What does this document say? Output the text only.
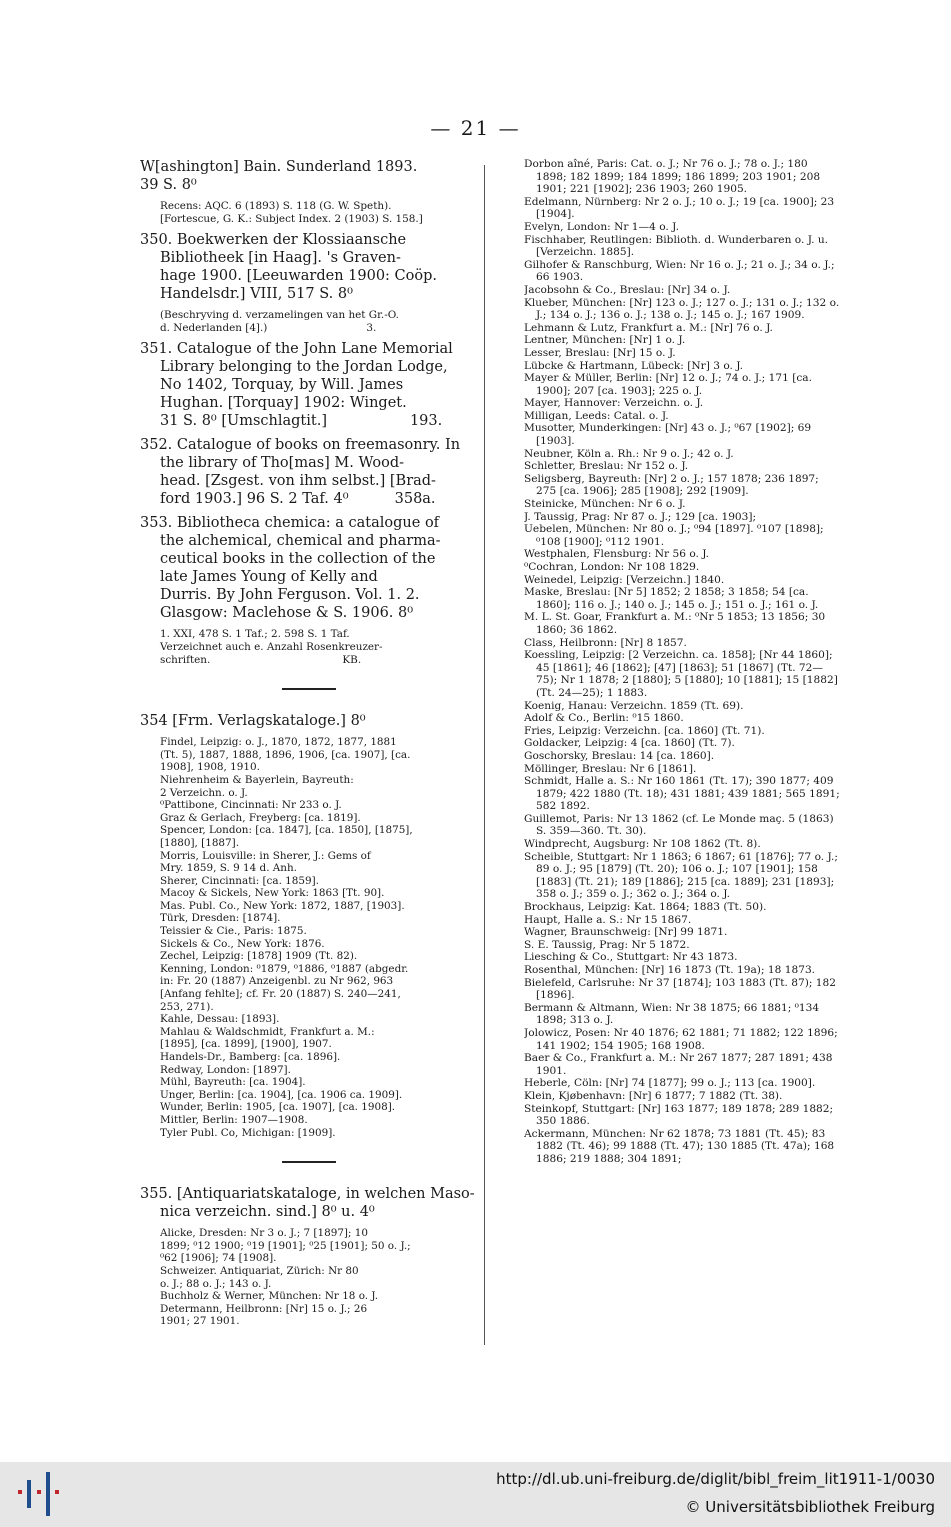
— 21 —
W[ashington] Bain. Sunderland 1893.
39 S. 8⁰
Recens: AQC. 6 (1893) S. 118 (G. W. Speth).
[Fortescue, G. K.: Subject Index. 2 (1903) S. 158.]
350. Boekwerken der Klossiaansche
Bibliotheek [in Haag]. 's Graven-
hage 1900. [Leeuwarden 1900: Coöp.
Handelsdr.] VIII, 517 S. 8⁰
(Beschryving d. verzamelingen van het Gr.-O.
d. Nederlanden [4].)                              3.
351. Catalogue of the John Lane Memorial
Library belonging to the Jordan Lodge,
No 1402, Torquay, by Will. James
Hughan. [Torquay] 1902: Winget.
31 S. 8⁰ [Umschlagtit.]                  193.
352. Catalogue of books on freemasonry. In
the library of Tho[mas] M. Wood-
head. [Zsgest. von ihm selbst.] [Brad-
ford 1903.] 96 S. 2 Taf. 4⁰          358a.
353. Bibliotheca chemica: a catalogue of
the alchemical, chemical and pharma-
ceutical books in the collection of the
late James Young of Kelly and
Durris. By John Ferguson. Vol. 1. 2.
Glasgow: Maclehose & S. 1906. 8⁰
1. XXI, 478 S. 1 Taf.; 2. 598 S. 1 Taf.
Verzeichnet auch e. Anzahl Rosenkreuzer-
schriften.                                        KB.
354 [Frm. Verlagskataloge.] 8⁰
Findel, Leipzig: o. J., 1870, 1872, 1877, 1881
(Tt. 5), 1887, 1888, 1896, 1906, [ca. 1907], [ca.
1908], 1908, 1910.
Niehrenheim & Bayerlein, Bayreuth:
2 Verzeichn. o. J.
⁰Pattibone, Cincinnati: Nr 233 o. J.
Graz & Gerlach, Freyberg: [ca. 1819].
Spencer, London: [ca. 1847], [ca. 1850], [1875],
[1880], [1887].
Morris, Louisville: in Sherer, J.: Gems of
Mry. 1859, S. 9 14 d. Anh.
Sherer, Cincinnati: [ca. 1859].
Macoy & Sickels, New York: 1863 [Tt. 90].
Mas. Publ. Co., New York: 1872, 1887, [1903].
Türk, Dresden: [1874].
Teissier & Cie., Paris: 1875.
Sickels & Co., New York: 1876.
Zechel, Leipzig: [1878] 1909 (Tt. 82).
Kenning, London: ⁰1879, ⁰1886, ⁰1887 (abgedr.
in: Fr. 20 (1887) Anzeigenbl. zu Nr 962, 963
[Anfang fehlte]; cf. Fr. 20 (1887) S. 240—241,
253, 271).
Kahle, Dessau: [1893].
Mahlau & Waldschmidt, Frankfurt a. M.:
[1895], [ca. 1899], [1900], 1907.
Handels-Dr., Bamberg: [ca. 1896].
Redway, London: [1897].
Mühl, Bayreuth: [ca. 1904].
Unger, Berlin: [ca. 1904], [ca. 1906 ca. 1909].
Wunder, Berlin: 1905, [ca. 1907], [ca. 1908].
Mittler, Berlin: 1907—1908.
Tyler Publ. Co, Michigan: [1909].
355. [Antiquariatskataloge, in welchen Maso-
nica verzeichn. sind.] 8⁰ u. 4⁰
Alicke, Dresden: Nr 3 o. J.; 7 [1897]; 10
1899; ⁰12 1900; ⁰19 [1901]; ⁰25 [1901]; 50 o. J.;
⁰62 [1906]; 74 [1908].
Schweizer. Antiquariat, Zürich: Nr 80
o. J.; 88 o. J.; 143 o. J.
Buchholz & Werner, München: Nr 18 o. J.
Determann, Heilbronn: [Nr] 15 o. J.; 26
1901; 27 1901.
Dorbon aîné, Paris: Cat. o. J.; Nr 76 o. J.; 78 o. J.; 180 1898; 182 1899; 184 1899; 186 1899; 203 1901; 208 1901; 221 [1902]; 236 1903; 260 1905.
Edelmann, Nürnberg: Nr 2 o. J.; 10 o. J.; 19 [ca. 1900]; 23 [1904].
Evelyn, London: Nr 1—4 o. J.
Fischhaber, Reutlingen: Biblioth. d. Wunderbaren o. J. u. [Verzeichn. 1885].
Gilhofer & Ranschburg, Wien: Nr 16 o. J.; 21 o. J.; 34 o. J.; 66 1903.
Jacobsohn & Co., Breslau: [Nr] 34 o. J.
Klueber, München: [Nr] 123 o. J.; 127 o. J.; 131 o. J.; 132 o. J.; 134 o. J.; 136 o. J.; 138 o. J.; 145 o. J.; 167 1909.
Lehmann & Lutz, Frankfurt a. M.: [Nr] 76 o. J.
Lentner, München: [Nr] 1 o. J.
Lesser, Breslau: [Nr] 15 o. J.
Lübcke & Hartmann, Lübeck: [Nr] 3 o. J.
Mayer & Müller, Berlin: [Nr] 12 o. J.; 74 o. J.; 171 [ca. 1900]; 207 [ca. 1903]; 225 o. J.
Mayer, Hannover: Verzeichn. o. J.
Milligan, Leeds: Catal. o. J.
Musotter, Munderkingen: [Nr] 43 o. J.; ⁰67 [1902]; 69 [1903].
Neubner, Köln a. Rh.: Nr 9 o. J.; 42 o. J.
Schletter, Breslau: Nr 152 o. J.
Seligsberg, Bayreuth: [Nr] 2 o. J.; 157 1878; 236 1897; 275 [ca. 1906]; 285 [1908]; 292 [1909].
Steinicke, München: Nr 6 o. J.
J. Taussig, Prag: Nr 87 o. J.; 129 [ca. 1903];
Uebelen, München: Nr 80 o. J.; ⁰94 [1897]. ⁰107 [1898]; ⁰108 [1900]; ⁰112 1901.
Westphalen, Flensburg: Nr 56 o. J.
⁰Cochran, London: Nr 108 1829.
Weinedel, Leipzig: [Verzeichn.] 1840.
Maske, Breslau: [Nr 5] 1852; 2 1858; 3 1858; 54 [ca. 1860]; 116 o. J.; 140 o. J.; 145 o. J.; 151 o. J.; 161 o. J.
M. L. St. Goar, Frankfurt a. M.: ⁰Nr 5 1853; 13 1856; 30 1860; 36 1862.
Class, Heilbronn: [Nr] 8 1857.
Koessling, Leipzig: [2 Verzeichn. ca. 1858]; [Nr 44 1860]; 45 [1861]; 46 [1862]; [47] [1863]; 51 [1867] (Tt. 72—75); Nr 1 1878; 2 [1880]; 5 [1880]; 10 [1881]; 15 [1882] (Tt. 24—25); 1 1883.
Koenig, Hanau: Verzeichn. 1859 (Tt. 69).
Adolf & Co., Berlin: ⁰15 1860.
Fries, Leipzig: Verzeichn. [ca. 1860] (Tt. 71).
Goldacker, Leipzig: 4 [ca. 1860] (Tt. 7).
Goschorsky, Breslau: 14 [ca. 1860].
Möllinger, Breslau: Nr 6 [1861].
Schmidt, Halle a. S.: Nr 160 1861 (Tt. 17); 390 1877; 409 1879; 422 1880 (Tt. 18); 431 1881; 439 1881; 565 1891; 582 1892.
Guillemot, Paris: Nr 13 1862 (cf. Le Monde maç. 5 (1863) S. 359—360. Tt. 30).
Windprecht, Augsburg: Nr 108 1862 (Tt. 8).
Scheible, Stuttgart: Nr 1 1863; 6 1867; 61 [1876]; 77 o. J.; 89 o. J.; 95 [1879] (Tt. 20); 106 o. J.; 107 [1901]; 158 [1883] (Tt. 21); 189 [1886]; 215 [ca. 1889]; 231 [1893]; 358 o. J.; 359 o. J.; 362 o. J.; 364 o. J.
Brockhaus, Leipzig: Kat. 1864; 1883 (Tt. 50).
Haupt, Halle a. S.: Nr 15 1867.
Wagner, Braunschweig: [Nr] 99 1871.
S. E. Taussig, Prag: Nr 5 1872.
Liesching & Co., Stuttgart: Nr 43 1873.
Rosenthal, München: [Nr] 16 1873 (Tt. 19a); 18 1873.
Bielefeld, Carlsruhe: Nr 37 [1874]; 103 1883 (Tt. 87); 182 [1896].
Bermann & Altmann, Wien: Nr 38 1875; 66 1881; ⁰134 1898; 313 o. J.
Jolowicz, Posen: Nr 40 1876; 62 1881; 71 1882; 122 1896; 141 1902; 154 1905; 168 1908.
Baer & Co., Frankfurt a. M.: Nr 267 1877; 287 1891; 438 1901.
Heberle, Cöln: [Nr] 74 [1877]; 99 o. J.; 113 [ca. 1900].
Klein, Kjøbenhavn: [Nr] 6 1877; 7 1882 (Tt. 38).
Steinkopf, Stuttgart: [Nr] 163 1877; 189 1878; 289 1882; 350 1886.
Ackermann, München: Nr 62 1878; 73 1881 (Tt. 45); 83 1882 (Tt. 46); 99 1888 (Tt. 47); 130 1885 (Tt. 47a); 168 1886; 219 1888; 304 1891;
http://dl.ub.uni-freiburg.de/diglit/bibl_freim_lit1911-1/0030
© Universitätsbibliothek Freiburg
